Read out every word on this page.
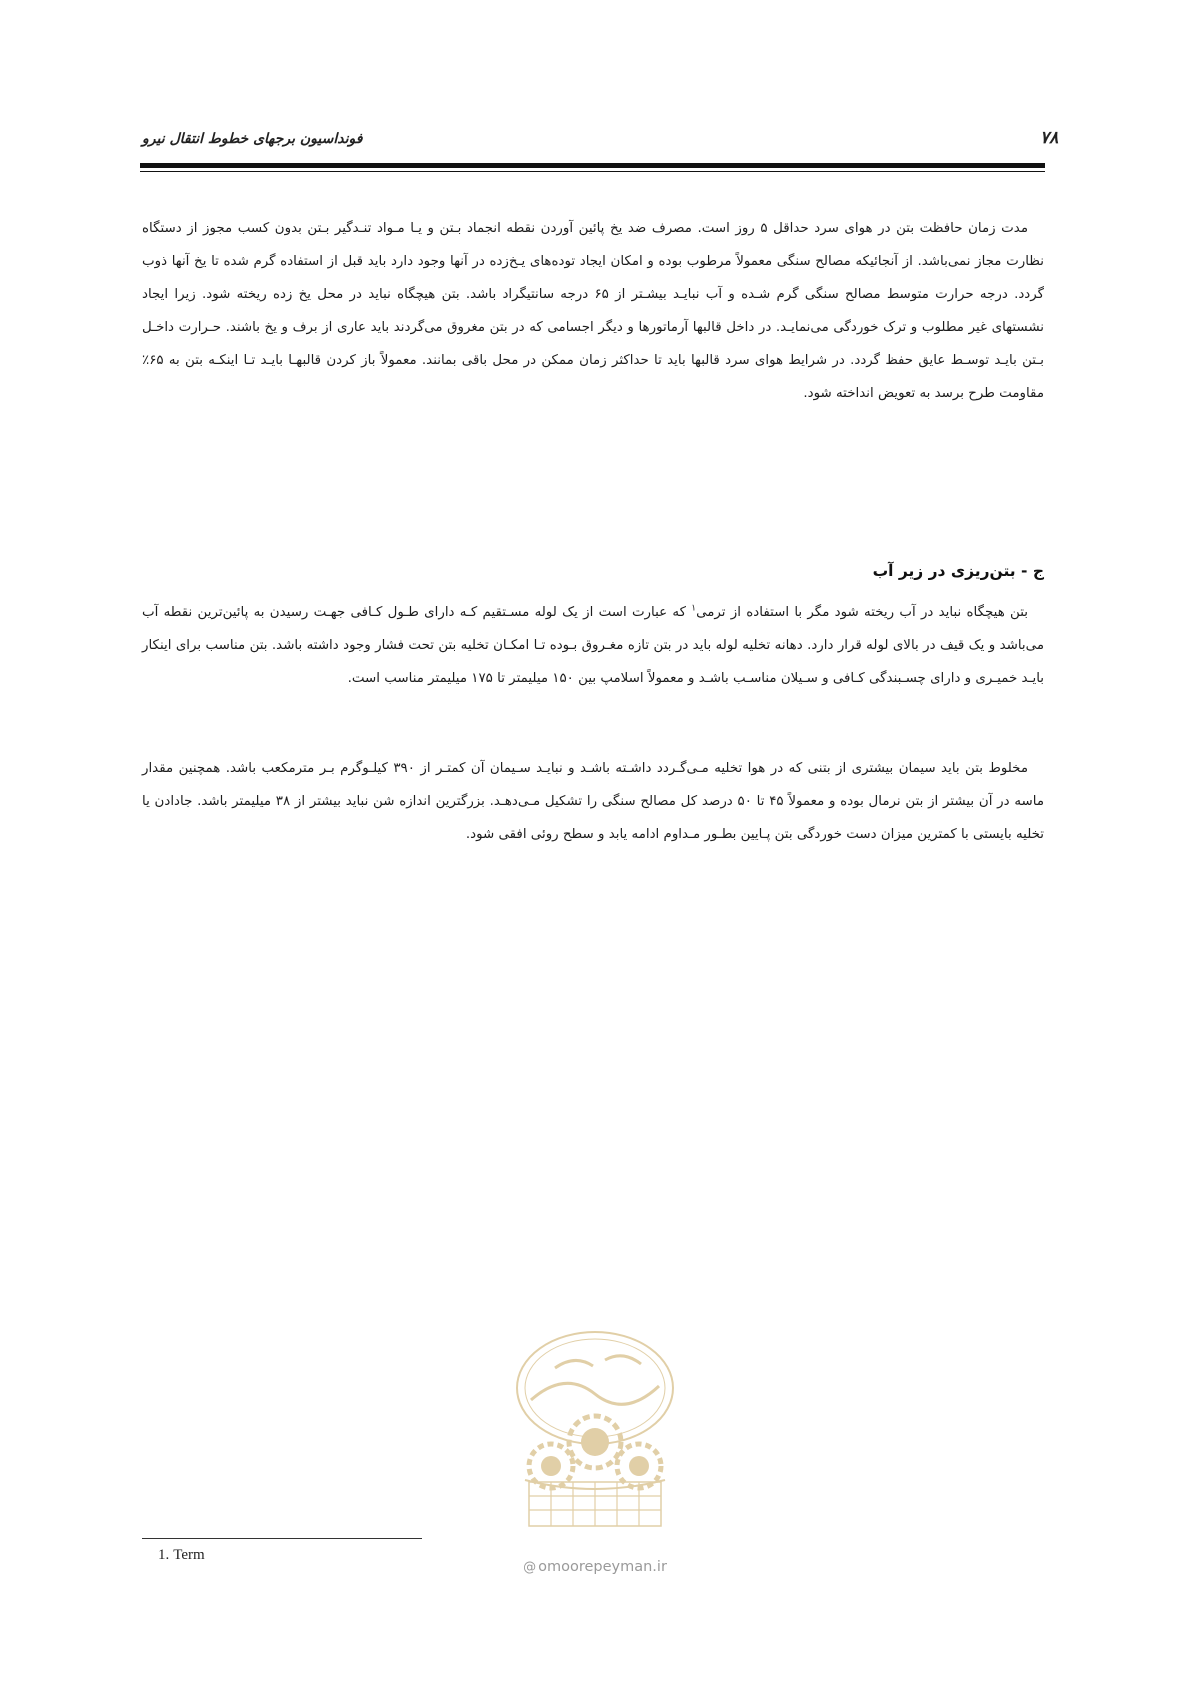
فونداسیون برجهای خطوط انتقال نیرو	۷۸

مدت زمان حافظت بتن در هوای سرد حداقل ۵ روز است. مصرف ضد یخ پائین آوردن نقطه انجماد بـتن و یـا مـواد تنـدگیر بـتن بدون کسب مجوز از دستگاه نظارت مجاز نمی‌باشد. از آنجائیکه مصالح سنگی معمولاً مرطوب بوده و امکان ایجاد توده‌های یـخ‌زده در آنها وجود دارد باید قبل از استفاده گرم شده تا یخ آنها ذوب گردد. درجه حرارت متوسط مصالح سنگی گرم شـده و آب نبایـد بیشـتر از ۶۵ درجه سانتیگراد باشد. بتن هیچگاه نباید در محل یخ زده ریخته شود. زیرا ایجاد نشستهای غیر مطلوب و ترک خوردگی می‌نمایـد. در داخل قالبها آرماتورها و دیگر اجسامی که در بتن مغروق می‌گردند باید عاری از برف و یخ باشند. حـرارت داخـل بـتن بایـد توسـط عایق حفظ گردد. در شرایط هوای سرد قالبها باید تا حداکثر زمان ممکن در محل باقی بمانند. معمولاً باز کردن قالبهـا بایـد تـا اینکـه بتن به ۶۵٪ مقاومت طرح برسد به تعویض انداخته شود.

ج - بتن‌ریزی در زیر آب

بتن هیچگاه نباید در آب ریخته شود مگر با استفاده از ترمی$^۱$ که عبارت است از یک لوله مسـتقیم کـه دارای طـول کـافی جهـت رسیدن به پائین‌ترین نقطه آب می‌باشد و یک قیف در بالای لوله قرار دارد. دهانه تخلیه لوله باید در بتن تازه مغـروق بـوده تـا امکـان تخلیه بتن تحت فشار وجود داشته باشد. بتن مناسب برای اینکار بایـد خمیـری و دارای چسـبندگی کـافی و سـیلان مناسـب باشـد و معمولاً اسلامپ بین ۱۵۰ میلیمتر تا ۱۷۵ میلیمتر مناسب است.

مخلوط بتن باید سیمان بیشتری از بتنی که در هوا تخلیه مـی‌گـردد داشـته باشـد و نبایـد سـیمان آن کمتـر از ۳۹۰ کیلـوگرم بـر مترمکعب باشد. همچنین مقدار ماسه در آن بیشتر از بتن نرمال بوده و معمولاً ۴۵ تا ۵۰ درصد کل مصالح سنگی را تشکیل مـی‌دهـد. بزرگترین اندازه شن نباید بیشتر از ۳۸ میلیمتر باشد. جادادن یا تخلیه بایستی با کمترین میزان دست خوردگی بتن پـایین بطـور مـداوم ادامه یابد و سطح روئی افقی شود.

1. Term
@ omoorepeyman.ir
